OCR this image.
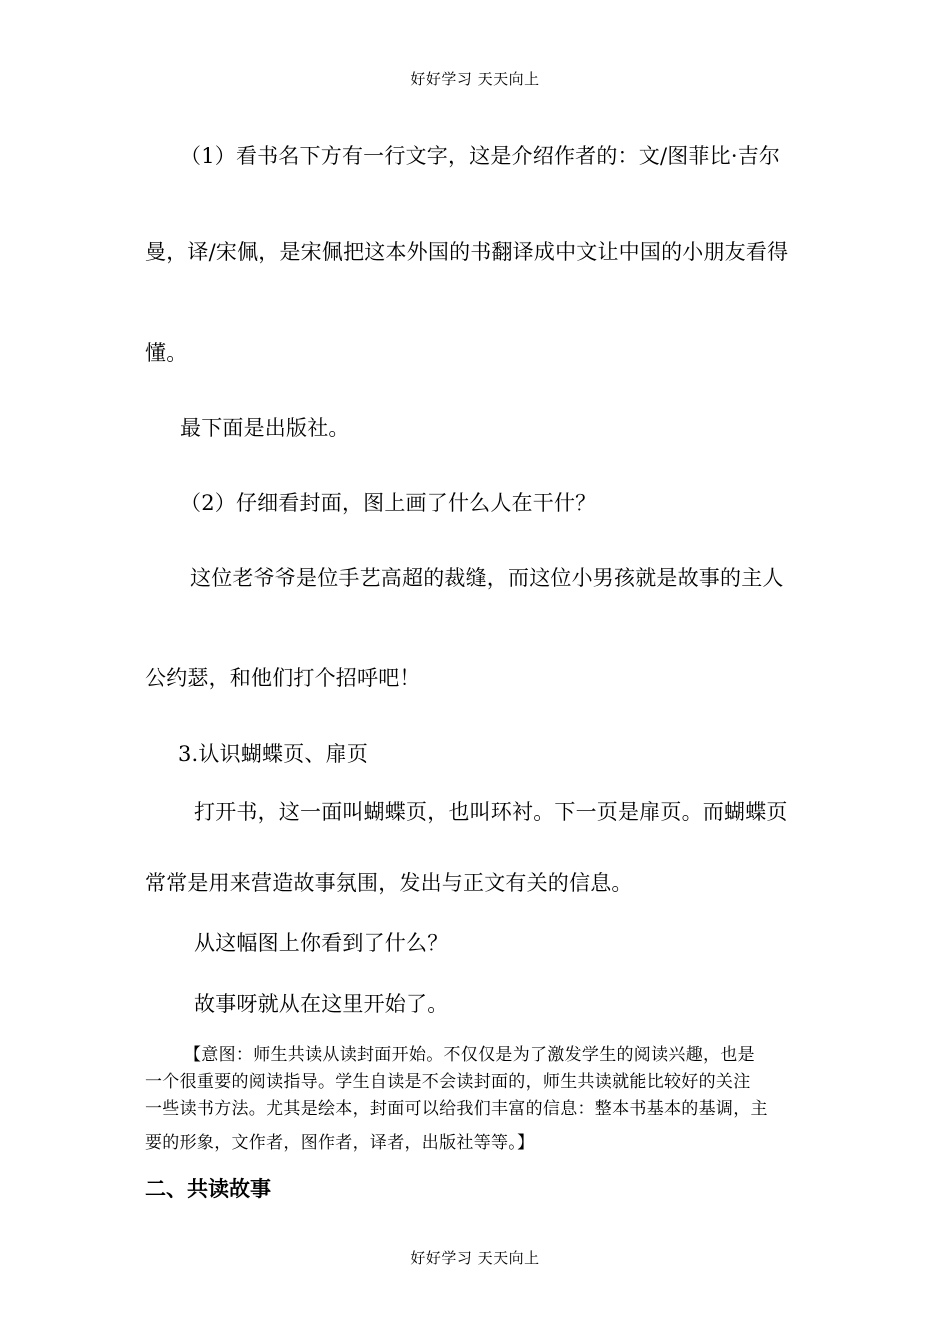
好好学习 天天向上
（1）看书名下方有一行文字，这是介绍作者的：文/图菲比·吉尔
曼，译/宋佩，是宋佩把这本外国的书翻译成中文让中国的小朋友看得
懂。
最下面是出版社。
（2）仔细看封面，图上画了什么人在干什？
这位老爷爷是位手艺高超的裁缝，而这位小男孩就是故事的主人
公约瑟，和他们打个招呼吧！
3.认识蝴蝶页、扉页
打开书，这一面叫蝴蝶页，也叫环衬。下一页是扉页。而蝴蝶页
常常是用来营造故事氛围，发出与正文有关的信息。
从这幅图上你看到了什么？
故事呀就从在这里开始了。
【意图：师生共读从读封面开始。不仅仅是为了激发学生的阅读兴趣，也是
一个很重要的阅读指导。学生自读是不会读封面的，师生共读就能比较好的关注
一些读书方法。尤其是绘本，封面可以给我们丰富的信息：整本书基本的基调，主
要的形象，文作者，图作者，译者，出版社等等。】
二、共读故事
好好学习 天天向上
